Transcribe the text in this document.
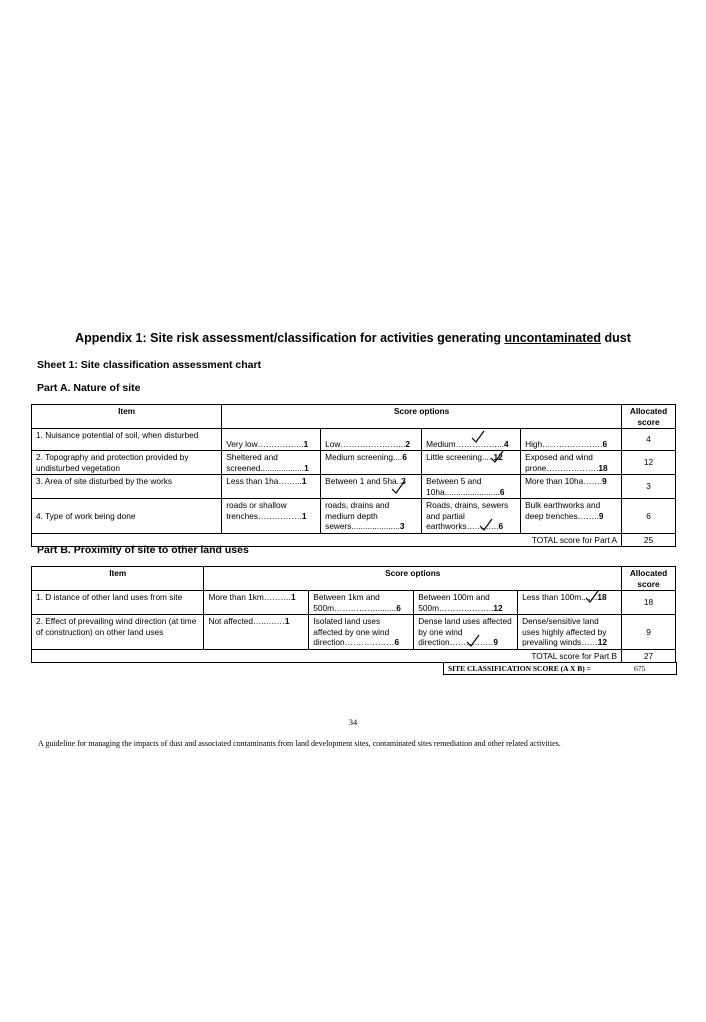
Appendix 1: Site risk assessment/classification for activities generating uncontaminated dust
Sheet 1: Site classification assessment chart
Part A. Nature of site
Item	Score options				Allocated score
1. Nuisance potential of soil, when disturbed	Very low……………..1	Low…………………...2	Medium……………...4	High………………….6	4
2. Topography and protection provided by undisturbed vegetation	Sheltered and screened...................1	Medium screening....6	Little screening.....12	Exposed and wind prone……………….18	12
3. Area of site disturbed by the works	Less than 1ha……...1	Between 1 and 5ha..3	Between 5 and 10ha........................6	More than 10ha…….9	3
4. Type of work being done	roads or shallow trenches…………….1	roads, drains and medium depth sewers.....................3	Roads, drains, sewers and partial earthworks….……..6	Bulk earthworks and deep trenches……..9	6
TOTAL score for Part A					25
Part B. Proximity of site to other land uses
Item	Score options				Allocated score
1. D istance of other land uses from site	More than 1km……….1	Between 1km and 500m…………….........6	Between 100m and 500m………………..12	Less than 100m.......18	18
2. Effect of prevailing wind direction (at time of construction) on other land uses	Not affected…...……1	Isolated land uses affected by one wind direction………………6	Dense land uses affected by one wind direction………….…9	Dense/sensitive land uses highly affected by prevailing winds……12	9
TOTAL score for Part B					27
SITE CLASSIFICATION SCORE (A X B) =	675
34
A guideline for managing the impacts of dust and associated contaminants from land development sites, contaminated sites remediation and other related activities.
